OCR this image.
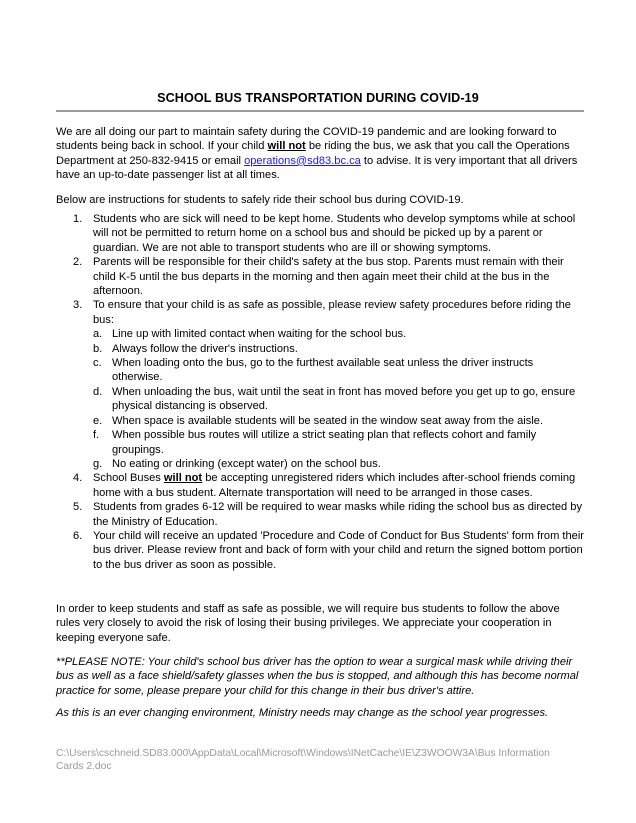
SCHOOL BUS TRANSPORTATION DURING COVID-19

We are all doing our part to maintain safety during the COVID-19 pandemic and are looking forward to students being back in school. If your child will not be riding the bus, we ask that you call the Operations Department at 250-832-9415 or email operations@sd83.bc.ca to advise. It is very important that all drivers have an up-to-date passenger list at all times.

Below are instructions for students to safely ride their school bus during COVID-19.
1. Students who are sick will need to be kept home. Students who develop symptoms while at school will not be permitted to return home on a school bus and should be picked up by a parent or guardian. We are not able to transport students who are ill or showing symptoms.
2. Parents will be responsible for their child's safety at the bus stop. Parents must remain with their child K-5 until the bus departs in the morning and then again meet their child at the bus in the afternoon.
3. To ensure that your child is as safe as possible, please review safety procedures before riding the bus:
a. Line up with limited contact when waiting for the school bus.
b. Always follow the driver's instructions.
c. When loading onto the bus, go to the furthest available seat unless the driver instructs otherwise.
d. When unloading the bus, wait until the seat in front has moved before you get up to go, ensure physical distancing is observed.
e. When space is available students will be seated in the window seat away from the aisle.
f. When possible bus routes will utilize a strict seating plan that reflects cohort and family groupings.
g. No eating or drinking (except water) on the school bus.
4. School Buses will not be accepting unregistered riders which includes after-school friends coming home with a bus student. Alternate transportation will need to be arranged in those cases.
5. Students from grades 6-12 will be required to wear masks while riding the school bus as directed by the Ministry of Education.
6. Your child will receive an updated 'Procedure and Code of Conduct for Bus Students' form from their bus driver. Please review front and back of form with your child and return the signed bottom portion to the bus driver as soon as possible.
In order to keep students and staff as safe as possible, we will require bus students to follow the above rules very closely to avoid the risk of losing their busing privileges. We appreciate your cooperation in keeping everyone safe.
**PLEASE NOTE: Your child's school bus driver has the option to wear a surgical mask while driving their bus as well as a face shield/safety glasses when the bus is stopped, and although this has become normal practice for some, please prepare your child for this change in their bus driver's attire.
As this is an ever changing environment, Ministry needs may change as the school year progresses.
C:\Users\cschneid.SD83.000\AppData\Local\Microsoft\Windows\INetCache\IE\Z3WOOW3A\Bus Information Cards 2.doc
